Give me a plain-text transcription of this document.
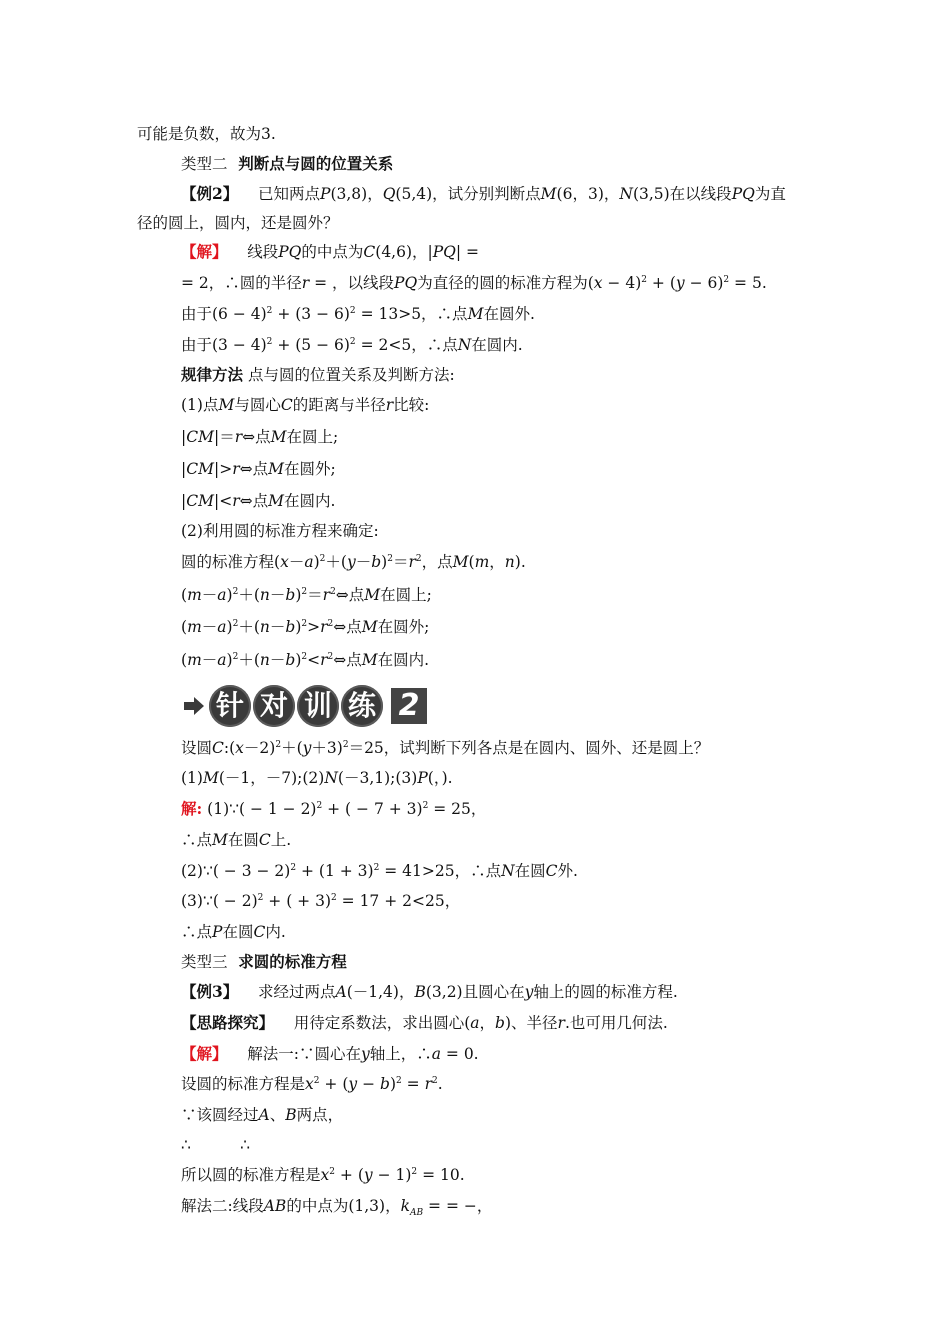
可能是负数，故为3.
类型二  判断点与圆的位置关系
【例2】    已知两点P(3,8)，Q(5,4)，试分别判断点M(6，3)，N(3,5)在以线段PQ为直
径的圆上，圆内，还是圆外？
【解】    线段PQ的中点为C(4,6)，|PQ| =
= 2，∴圆的半径r = ，以线段PQ为直径的圆的标准方程为$(x - 4)^2 + (y - 6)^2 = 5$.
由于$(6 - 4)^2 + (3 - 6)^2 = 13>5$，∴点M在圆外.
由于$(3 - 4)^2 + (5 - 6)^2 = 2<5$，∴点N在圆内.
规律方法 点与圆的位置关系及判断方法:
(1)点M与圆心C的距离与半径r比较:
|CM|＝r⇔点M在圆上;
|CM|>r⇔点M在圆外;
|CM|<r⇔点M在圆内.
(2)利用圆的标准方程来确定:
圆的标准方程$(x-a)^2+(y-b)^2=r^2$，点M(m，n).
$(m-a)^2+(n-b)^2=r^2\Leftrightarrow$点M在圆上;
$(m-a)^2+(n-b)^2>r^2\Leftrightarrow$点M在圆外;
$(m-a)^2+(n-b)^2<r^2\Leftrightarrow$点M在圆内.
针 对 训 练 2
设圆$C:(x-2)^2+(y+3)^2=25$，试判断下列各点是在圆内、圆外、还是圆上？
(1)M(－1，－7);(2)N(－3,1);(3)P(，).
解: (1)∵( − 1 − 2)$^2$ + ( − 7 + 3)$^2$ = 25，
∴点M在圆C上.
(2)∵( − $3 - 2)^2 + (1 + 3)^2 = 41>25$，∴点N在圆C外.
(3)∵( − 2)$^2$ + ( + 3)$^2$ = 17 + 2<25，
∴点P在圆C内.
类型三  求圆的标准方程
【例3】    求经过两点A(－1,4)，B(3,2)且圆心在y轴上的圆的标准方程.
【思路探究】    用待定系数法，求出圆心(a，b)、半径r.也可用几何法.
【解】    解法一:∵圆心在y轴上，∴a = 0.
设圆的标准方程是$x^2 + (y - b)^2 = r^2$.
∵该圆经过A、B两点，
∴          ∴
所以圆的标准方程是$x^2 + (y - 1)^2 = 10$.
解法二:线段AB的中点为(1,3)，$k_{AB}$ = = −，
